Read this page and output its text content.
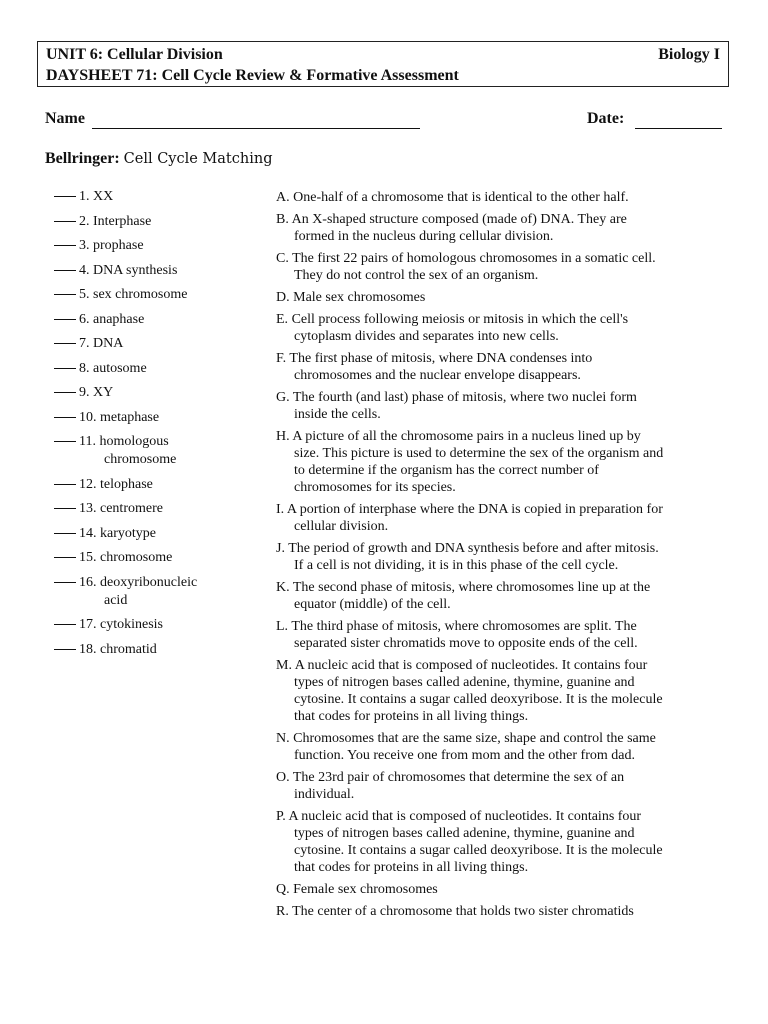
UNIT 6: Cellular Division	Biology I
DAYSHEET 71: Cell Cycle Review & Formative Assessment
Name	Date:
Bellringer: Cell Cycle Matching
1. XX
2. Interphase
3. prophase
4. DNA synthesis
5. sex chromosome
6. anaphase
7. DNA
8. autosome
9. XY
10. metaphase
11. homologous
chromosome
12. telophase
13. centromere
14. karyotype
15. chromosome
16. deoxyribonucleic
acid
17. cytokinesis
18. chromatid
A. One-half of a chromosome that is identical to the other half.
B. An X-shaped structure composed (made of) DNA. They are
formed in the nucleus during cellular division.
C. The first 22 pairs of homologous chromosomes in a somatic cell.
They do not control the sex of an organism.
D. Male sex chromosomes
E. Cell process following meiosis or mitosis in which the cell's
cytoplasm divides and separates into new cells.
F. The first phase of mitosis, where DNA condenses into
chromosomes and the nuclear envelope disappears.
G. The fourth (and last) phase of mitosis, where two nuclei form
inside the cells.
H. A picture of all the chromosome pairs in a nucleus lined up by
size. This picture is used to determine the sex of the organism and
to determine if the organism has the correct number of
chromosomes for its species.
I. A portion of interphase where the DNA is copied in preparation for
cellular division.
J. The period of growth and DNA synthesis before and after mitosis.
If a cell is not dividing, it is in this phase of the cell cycle.
K. The second phase of mitosis, where chromosomes line up at the
equator (middle) of the cell.
L. The third phase of mitosis, where chromosomes are split. The
separated sister chromatids move to opposite ends of the cell.
M. A nucleic acid that is composed of nucleotides. It contains four
types of nitrogen bases called adenine, thymine, guanine and
cytosine. It contains a sugar called deoxyribose. It is the molecule
that codes for proteins in all living things.
N. Chromosomes that are the same size, shape and control the same
function. You receive one from mom and the other from dad.
O. The 23rd pair of chromosomes that determine the sex of an
individual.
P. A nucleic acid that is composed of nucleotides. It contains four
types of nitrogen bases called adenine, thymine, guanine and
cytosine. It contains a sugar called deoxyribose. It is the molecule
that codes for proteins in all living things.
Q. Female sex chromosomes
R. The center of a chromosome that holds two sister chromatids
